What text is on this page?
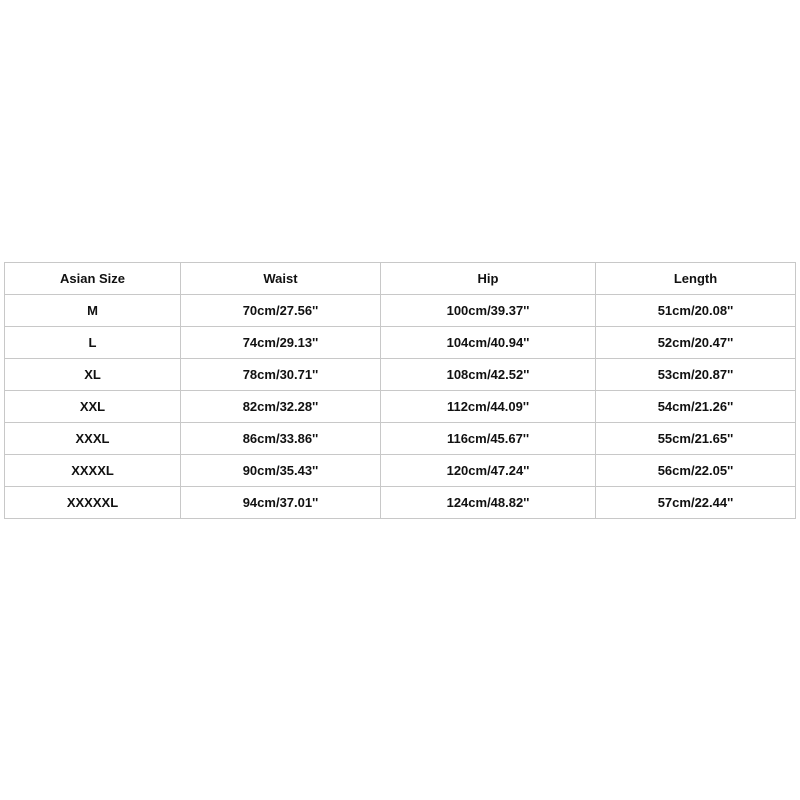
Asian Size	Waist	Hip	Length
M	70cm/27.56''	100cm/39.37''	51cm/20.08''
L	74cm/29.13''	104cm/40.94''	52cm/20.47''
XL	78cm/30.71''	108cm/42.52''	53cm/20.87''
XXL	82cm/32.28''	112cm/44.09''	54cm/21.26''
XXXL	86cm/33.86''	116cm/45.67''	55cm/21.65''
XXXXL	90cm/35.43''	120cm/47.24''	56cm/22.05''
XXXXXL	94cm/37.01''	124cm/48.82''	57cm/22.44''
